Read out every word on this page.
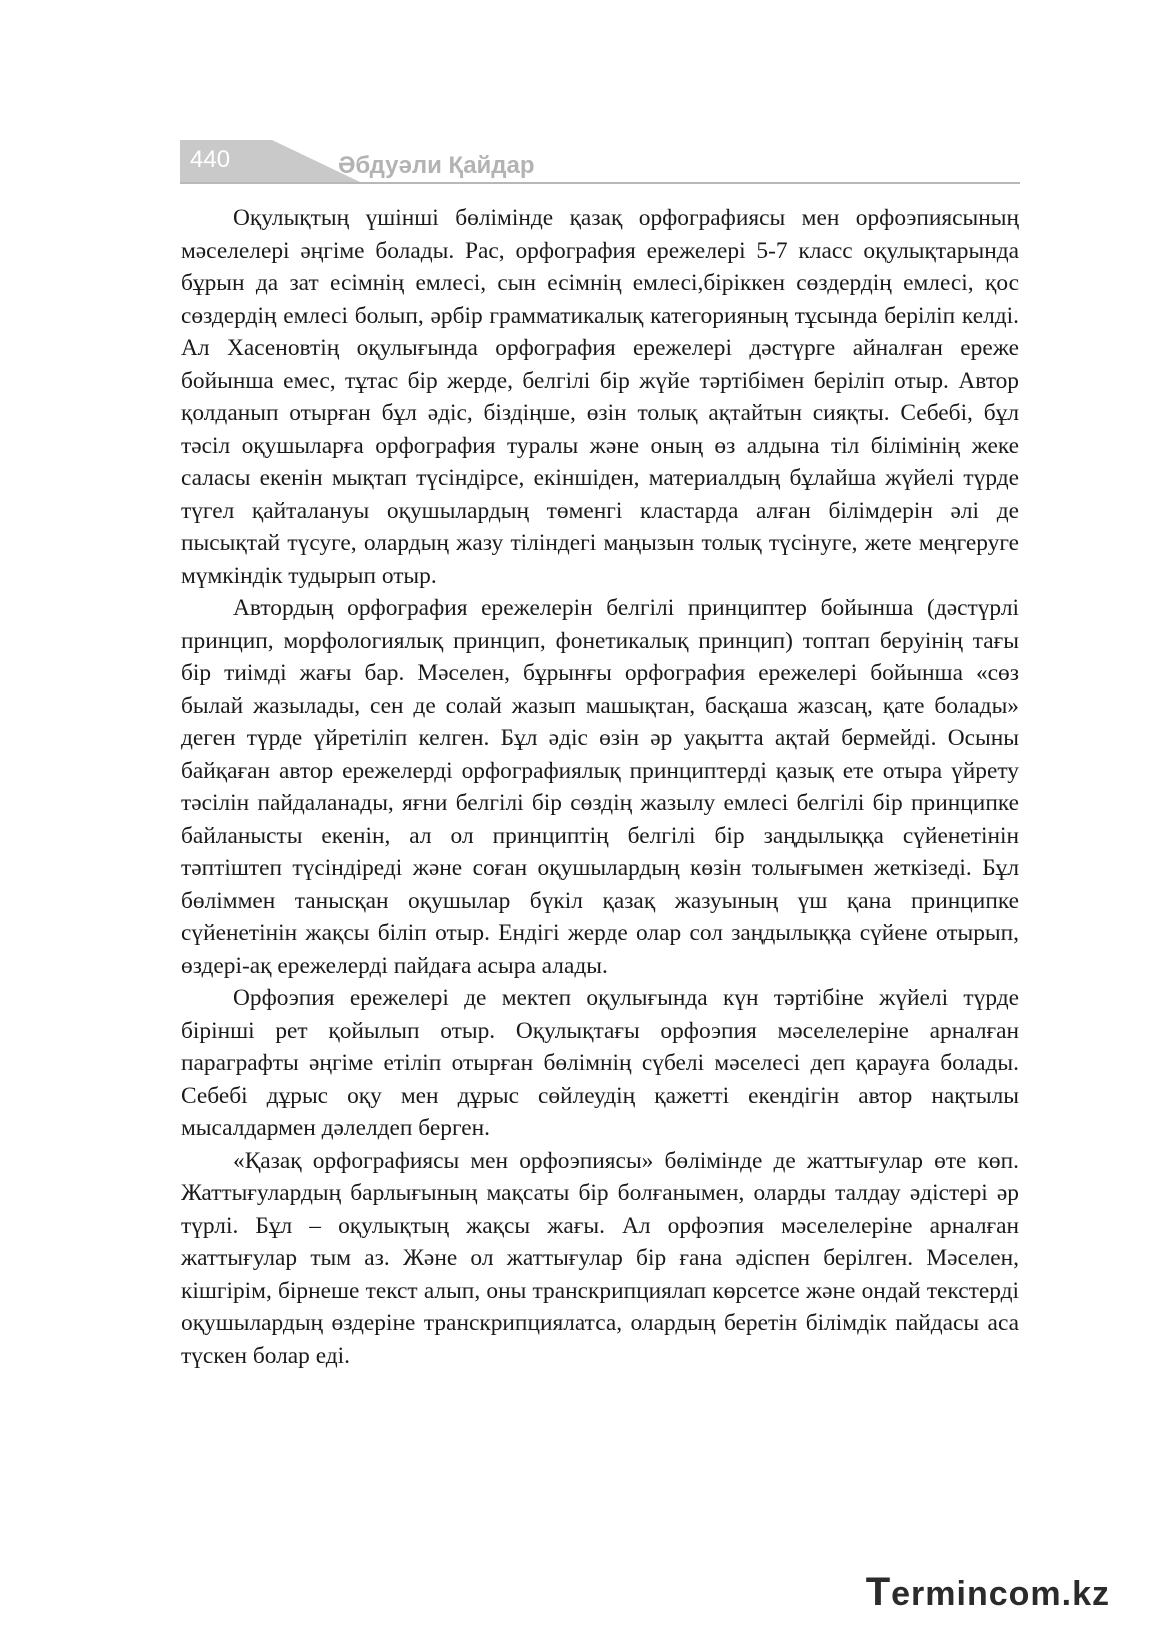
440	Әбдуәли Қайдар

Оқулықтың үшінші бөлімінде қазақ орфографиясы мен орфоэпиясының мәселелері әңгіме болады. Рас, орфография ережелері 5-7 класс оқулықтарында бұрын да зат есімнің емлесі, сын есімнің емлесі,біріккен сөздердің емлесі, қос сөздердің емлесі болып, әрбір грамматикалық категорияның тұсында беріліп келді. Ал Хасеновтің оқулығында орфография ережелері дәстүрге айналған ереже бойынша емес, тұтас бір жерде, белгілі бір жүйе тәртібімен беріліп отыр. Автор қолданып отырған бұл әдіс, біздіңше, өзін толық ақтайтын сияқты. Себебі, бұл тәсіл оқушыларға орфография туралы және оның өз алдына тіл білімінің жеке саласы екенін мықтап түсіндірсе, екіншіден, материалдың бұлайша жүйелі түрде түгел қайталануы оқушылардың төменгі кластарда алған білімдерін әлі де пысықтай түсуге, олардың жазу тіліндегі маңызын толық түсінуге, жете меңгеруге мүмкіндік тудырып отыр.

Автордың орфография ережелерін белгілі принциптер бойынша (дәстүрлі принцип, морфологиялық принцип, фонетикалық принцип) топтап беруінің тағы бір тиімді жағы бар. Мәселен, бұрынғы орфография ережелері бойынша «сөз былай жазылады, сен де солай жазып машықтан, басқаша жазсаң, қате болады» деген түрде үйретіліп келген. Бұл әдіс өзін әр уақытта ақтай бермейді. Осыны байқаған автор ережелерді орфографиялық принциптерді қазық ете отыра үйрету тәсілін пайдаланады, яғни белгілі бір сөздің жазылу емлесі белгілі бір принципке байланысты екенін, ал ол принциптің белгілі бір заңдылыққа сүйенетінін тәптіштеп түсіндіреді және соған оқушылардың көзін толығымен жеткізеді. Бұл бөліммен танысқан оқушылар бүкіл қазақ жазуының үш қана принципке сүйенетінін жақсы біліп отыр. Ендігі жерде олар сол заңдылыққа сүйене отырып, өздері-ақ ережелерді пайдаға асыра алады.

Орфоэпия ережелері де мектеп оқулығында күн тәртібіне жүйелі түрде бірінші рет қойылып отыр. Оқулықтағы орфоэпия мәселелеріне арналған параграфты әңгіме етіліп отырған бөлімнің сүбелі мәселесі деп қарауға болады. Себебі дұрыс оқу мен дұрыс сөйлеудің қажетті екендігін автор нақтылы мысалдармен дәлелдеп берген.

«Қазақ орфографиясы мен орфоэпиясы» бөлімінде де жаттығулар өте көп. Жаттығулардың барлығының мақсаты бір болғанымен, оларды талдау әдістері әр түрлі. Бұл – оқулықтың жақсы жағы. Ал орфоэпия мәселелеріне арналған жаттығулар тым аз. Және ол жаттығулар бір ғана әдіспен берілген. Мәселен, кішгірім, бірнеше текст алып, оны транскрипциялап көрсетсе және ондай текстерді оқушылардың өздеріне транскрипциялатса, олардың беретін білімдік пайдасы аса түскен болар еді.

Termincom.kz
